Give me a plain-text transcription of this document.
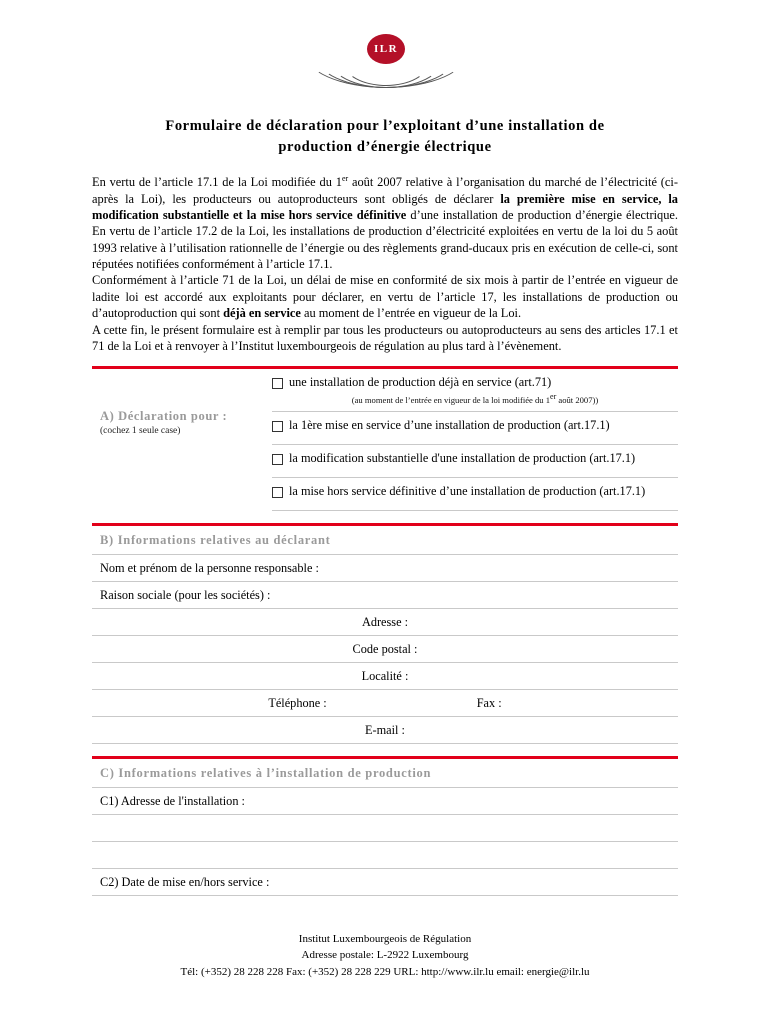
ILR
Formulaire de déclaration pour l’exploitant d’une installation de
production d’énergie électrique

En vertu de l’article 17.1 de la Loi modifiée du 1er août 2007 relative à l’organisation du marché de l’électricité (ci-après la Loi), les producteurs ou autoproducteurs sont obligés de déclarer la première mise en service, la modification substantielle et la mise hors service définitive d’une installation de production d’énergie électrique. En vertu de l’article 17.2 de la Loi, les installations de production d’électricité exploitées en vertu de la loi du 5 août 1993 relative à l’utilisation rationnelle de l’énergie ou des règlements grand-ducaux pris en exécution de celle-ci, sont réputées notifiées conformément à l’article 17.1.

Conformément à l’article 71 de la Loi, un délai de mise en conformité de six mois à partir de l’entrée en vigueur de ladite loi est accordé aux exploitants pour déclarer, en vertu de l’article 17, les installations de production ou d’autoproduction qui sont déjà en service au moment de l’entrée en vigueur de la Loi.

A cette fin, le présent formulaire est à remplir par tous les producteurs ou autoproducteurs au sens des articles 17.1 et 71 de la Loi et à renvoyer à l’Institut luxembourgeois de régulation au plus tard à l’évènement.

A) Déclaration pour :
(cochez 1 seule case)
une installation de production déjà en service (art.71)
(au moment de l’entrée en vigueur de la loi modifiée du 1er août 2007))
la 1ère mise en service d’une installation de production (art.17.1)
la modification substantielle d'une installation de production (art.17.1)
la mise hors service définitive d’une installation de production (art.17.1)
B) Informations relatives au déclarant
Nom et prénom de la personne responsable :
Raison sociale (pour les sociétés) :
Adresse :
Code postal :
Localité :
Téléphone :	Fax :
E-mail :
C) Informations relatives à l’installation de production
C1) Adresse de l'installation :
C2) Date de mise en/hors service :
Institut Luxembourgeois de Régulation
Adresse postale: L-2922 Luxembourg
Tél: (+352) 28 228 228 Fax: (+352) 28 228 229 URL: http://www.ilr.lu email: energie@ilr.lu
